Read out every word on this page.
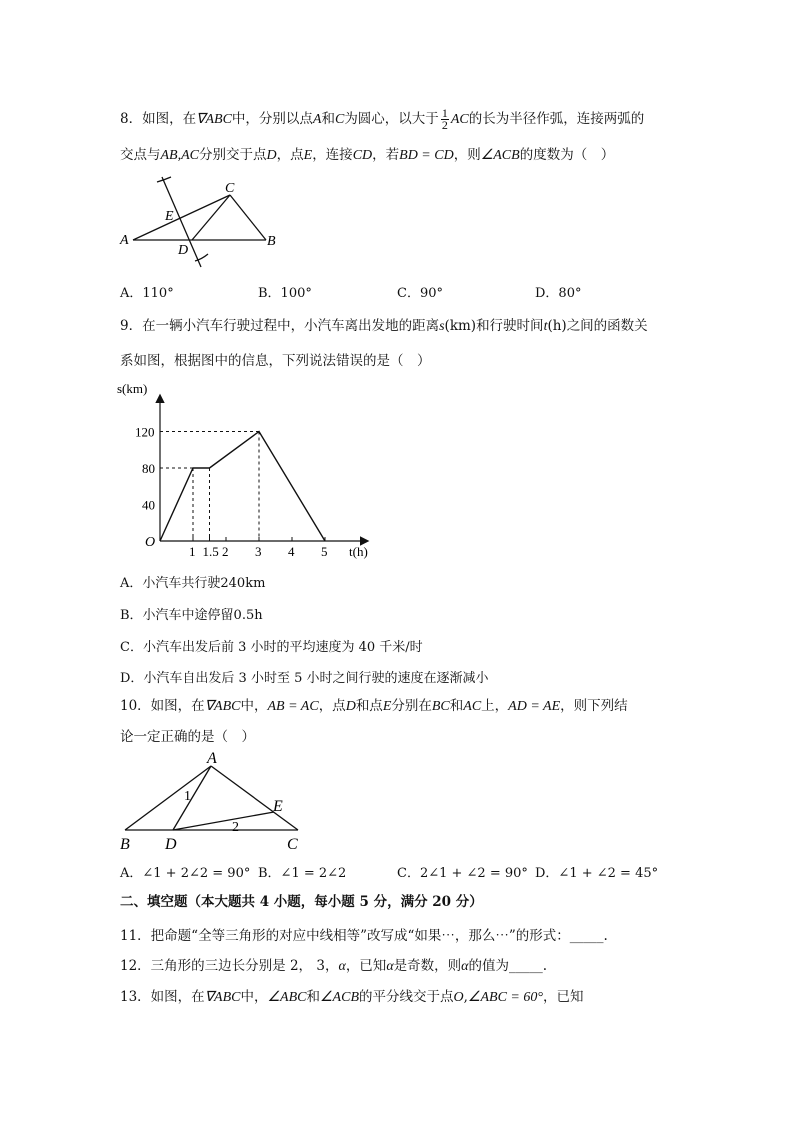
8．如图，在∇ABC中，分别以点A和C为圆心，以大于 $\frac{1}{2}$ AC的长为半径作弧，连接两弧的
交点与AB,AC分别交于点D，点E，连接CD，若BD = CD，则∠ACB的度数为（　）
A	B
C
D
E
A．110°	B．100°	C．90°	D．80°
9．在一辆小汽车行驶过程中，小汽车离出发地的距离s(km)和行驶时间t(h)之间的函数关
系如图，根据图中的信息，下列说法错误的是（　）
O
t(h)
s(km)
1 1.5 2 3 4 5
40
80
120
A．小汽车共行驶240km
B．小汽车中途停留0.5h
C．小汽车出发后前 3 小时的平均速度为 40 千米/时
D．小汽车自出发后 3 小时至 5 小时之间行驶的速度在逐渐减小
10．如图，在∇ABC中，AB = AC，点D和点E分别在BC和AC上，AD = AE，则下列结
论一定正确的是（　）
A
B	C
D
E
1
2
A．∠1 + 2∠2 = 90° B．∠1 = 2∠2	C．2∠1 + ∠2 = 90° D．∠1 + ∠2 = 45°
二、填空题（本大题共 4 小题，每小题 5 分，满分 20 分）
11．把命题“全等三角形的对应中线相等”改写成“如果⋯，那么⋯”的形式：_____.
12．三角形的三边长分别是 2， 3，α，已知α是奇数，则α的值为_____.
13．如图，在∇ABC中，∠ABC和∠ACB的平分线交于点O,∠ABC = 60°，已知
